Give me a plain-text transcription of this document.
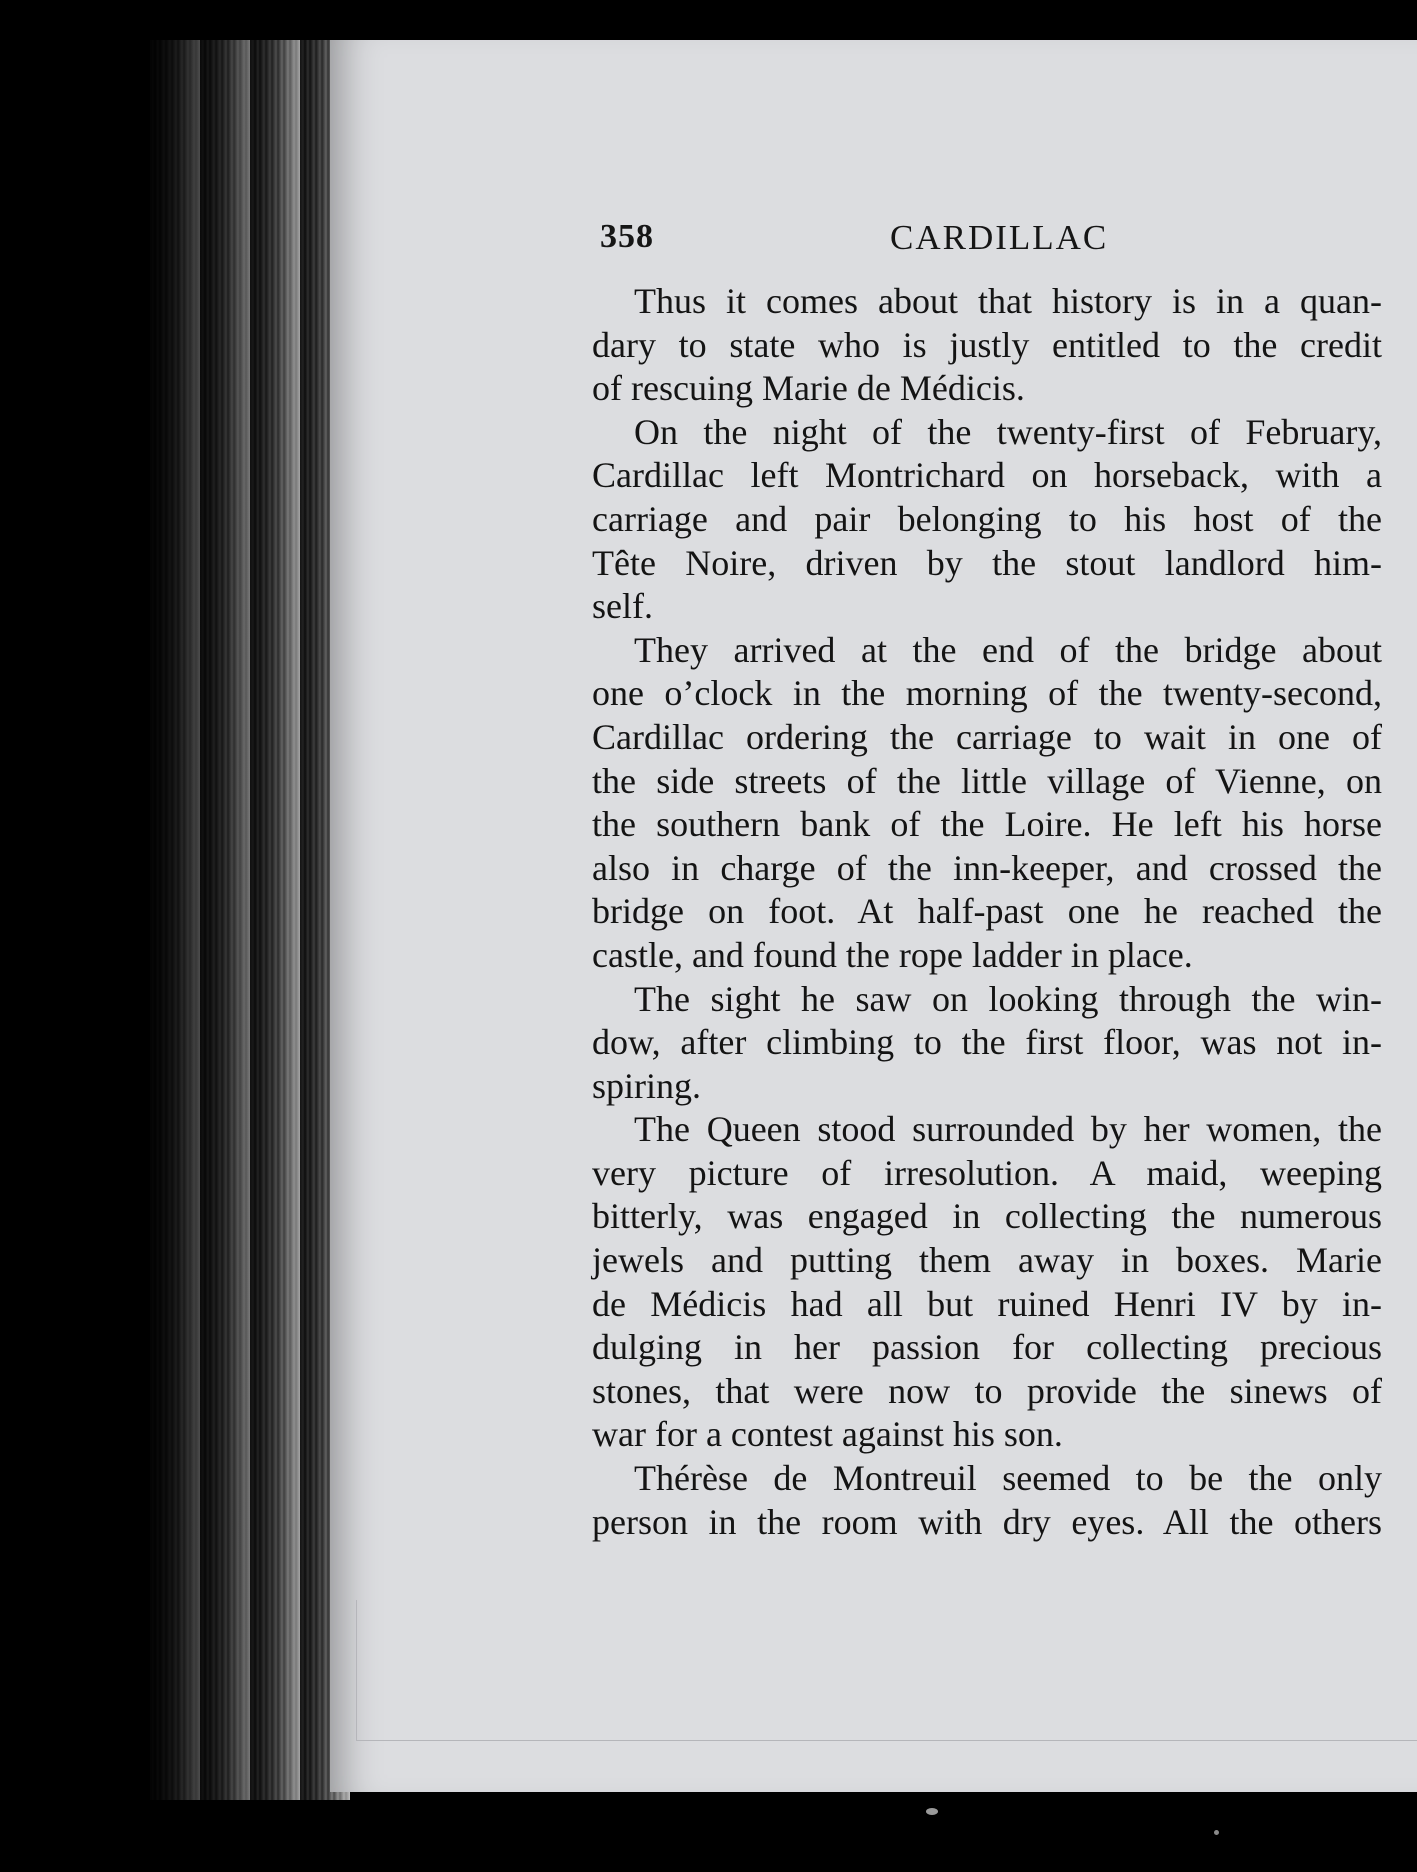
358	CARDILLAC

Thus it comes about that history is in a quan-
dary to state who is justly entitled to the credit
of rescuing Marie de Médicis.

On the night of the twenty-first of February,
Cardillac left Montrichard on horseback, with a
carriage and pair belonging to his host of the
Tête Noire, driven by the stout landlord him-
self.

They arrived at the end of the bridge about
one o’clock in the morning of the twenty-second,
Cardillac ordering the carriage to wait in one of
the side streets of the little village of Vienne, on
the southern bank of the Loire. He left his horse
also in charge of the inn-keeper, and crossed the
bridge on foot. At half-past one he reached the
castle, and found the rope ladder in place.

The sight he saw on looking through the win-
dow, after climbing to the first floor, was not in-
spiring.

The Queen stood surrounded by her women, the
very picture of irresolution. A maid, weeping
bitterly, was engaged in collecting the numerous
jewels and putting them away in boxes. Marie
de Médicis had all but ruined Henri IV by in-
dulging in her passion for collecting precious
stones, that were now to provide the sinews of
war for a contest against his son.

Thérèse de Montreuil seemed to be the only
person in the room with dry eyes. All the others
